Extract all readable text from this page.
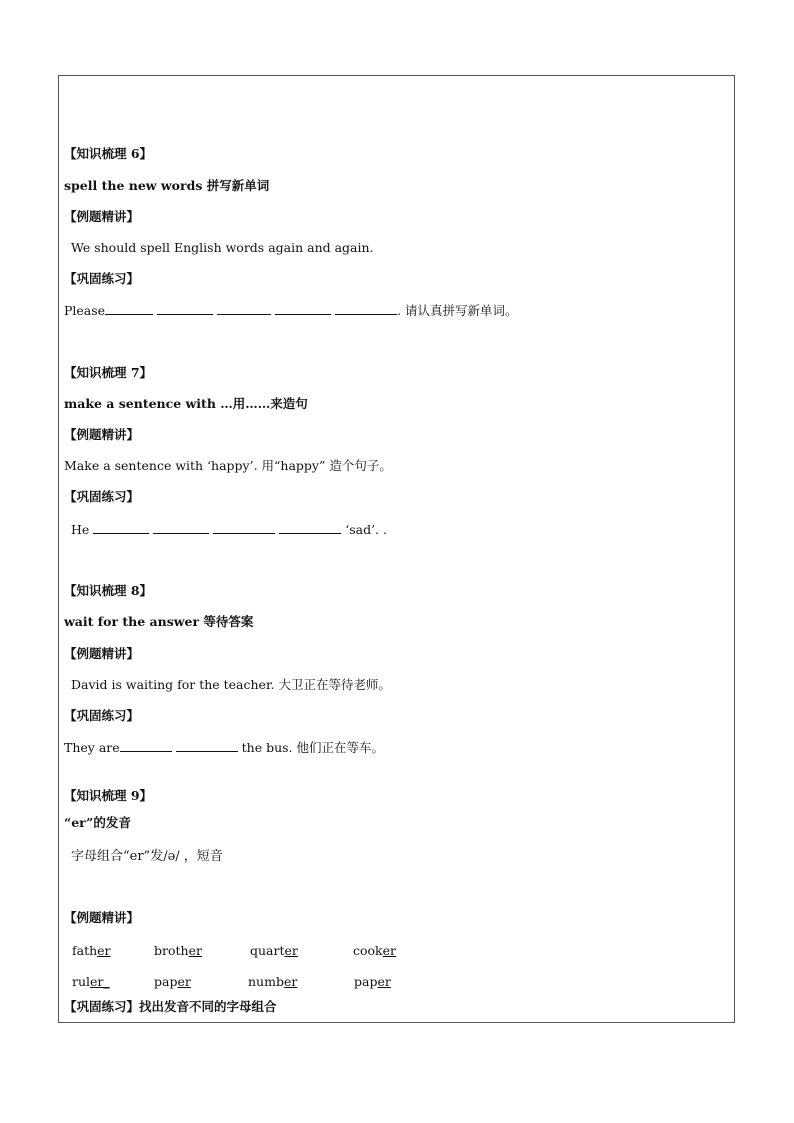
【知识梳理 6】
spell the new words 拼写新单词
【例题精讲】
We should spell English words again and again.
【巩固练习】
Please	. 请认真拼写新单词。
【知识梳理 7】
make a sentence with …用……来造句
【例题精讲】
Make a sentence with ‘happy’. 用“happy” 造个句子。
【巩固练习】
He	‘sad’. .
【知识梳理 8】
wait for the answer 等待答案
【例题精讲】
David is waiting for the teacher. 大卫正在等待老师。
【巩固练习】
They are	the bus. 他们正在等车。
【知识梳理 9】
“er”的发音
字母组合“er”发/ə/ ，短音
【例题精讲】
father	brother	quarter	cooker
ruler_	paper	number	paper
【巩固练习】找出发音不同的字母组合
